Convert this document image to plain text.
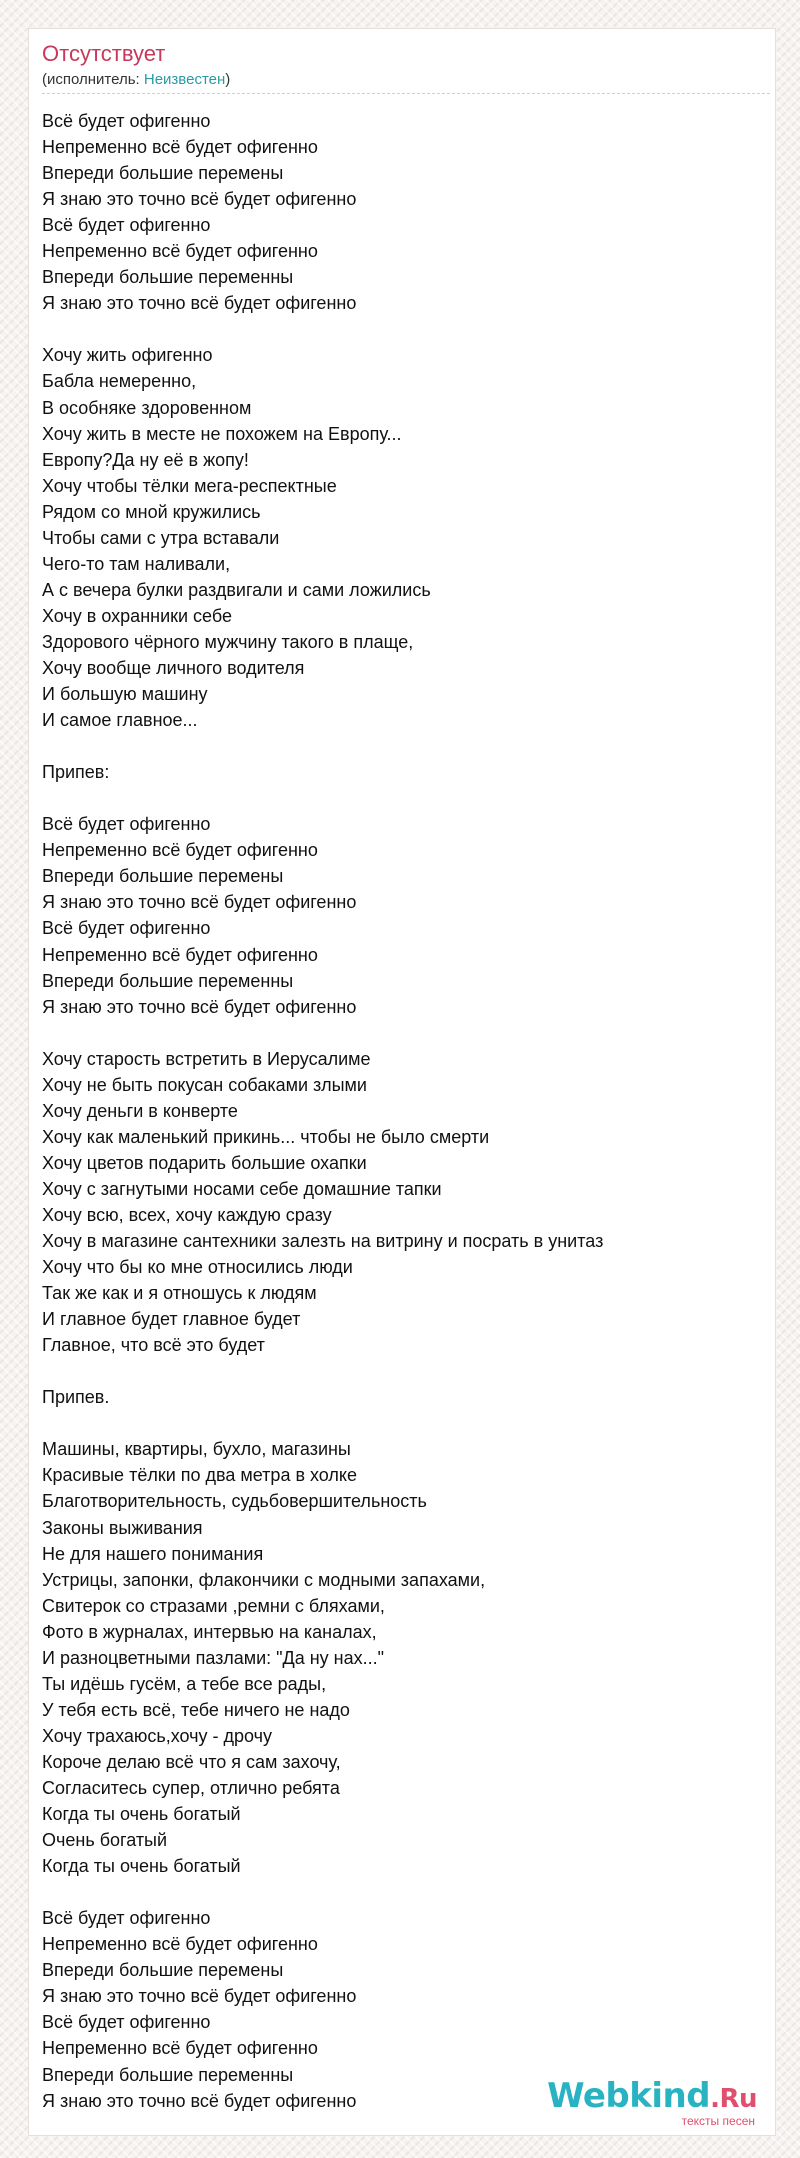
Отсутствует
(исполнитель: Неизвестен)
Всё будет офигенно
Непременно всё будет офигенно
Впереди большие перемены
Я знаю это точно всё будет офигенно
Всё будет офигенно
Непременно всё будет офигенно
Впереди большие переменны
Я знаю это точно всё будет офигенно

Хочу жить офигенно
Бабла немеренно,
В особняке здоровенном
Хочу жить в месте не похожем на Европу...
Европу?Да ну её в жопу!
Хочу чтобы тёлки мега-респектные
Рядом со мной кружились
Чтобы сами с утра вставали
Чего-то там наливали,
А с вечера булки раздвигали и сами ложились
Хочу в охранники себе
Здорового чёрного мужчину такого в плаще,
Хочу вообще личного водителя
И большую машину
И самое главное...

Припев:

Всё будет офигенно
Непременно всё будет офигенно
Впереди большие перемены
Я знаю это точно всё будет офигенно
Всё будет офигенно
Непременно всё будет офигенно
Впереди большие переменны
Я знаю это точно всё будет офигенно

Хочу старость встретить в Иерусалиме
Хочу не быть покусан собаками злыми
Хочу деньги в конверте
Хочу как маленький прикинь... чтобы не было смерти
Хочу цветов подарить большие охапки
Хочу с загнутыми носами себе домашние тапки
Хочу всю, всех, хочу каждую сразу
Хочу в магазине сантехники залезть на витрину и посрать в унитаз
Хочу что бы ко мне относились люди
Так же как и я отношусь к людям
И главное будет главное будет
Главное, что всё это будет

Припев.

Машины, квартиры, бухло, магазины
Красивые тёлки по два метра в холке
Благотворительность, судьбовершительность
Законы выживания
Не для нашего понимания
Устрицы, запонки, флакончики с модными запахами,
Свитерок со стразами ,ремни с бляхами,
Фото в журналах, интервью на каналах,
И разноцветными пазлами: "Да ну нах..."
Ты идёшь гусём, а тебе все рады,
У тебя есть всё, тебе ничего не надо
Хочу трахаюсь,хочу - дрочу
Короче делаю всё что я сам захочу,
Согласитесь супер, отлично ребята
Когда ты очень богатый
Очень богатый
Когда ты очень богатый

Всё будет офигенно
Непременно всё будет офигенно
Впереди большие перемены
Я знаю это точно всё будет офигенно
Всё будет офигенно
Непременно всё будет офигенно
Впереди большие переменны
Я знаю это точно всё будет офигенно	Webkind.Ru
тексты песен
